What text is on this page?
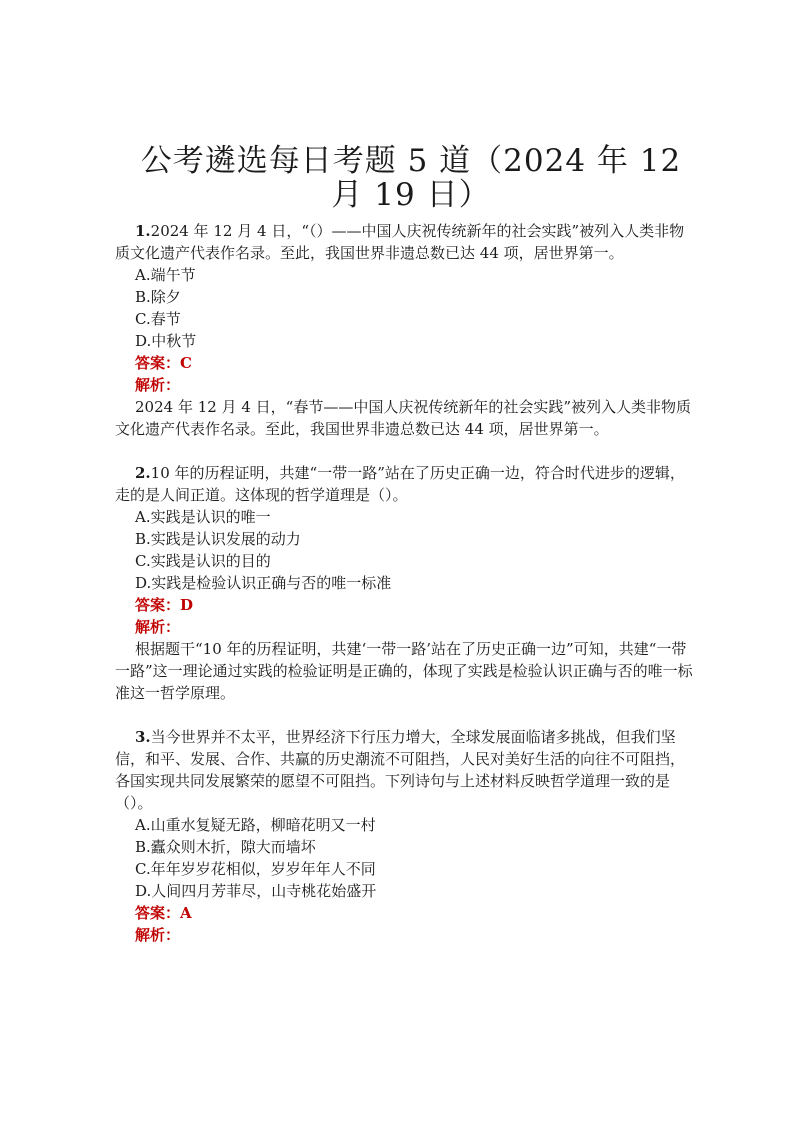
公考遴选每日考题 5 道（2024 年 12 月 19 日）

1.2024 年 12 月 4 日，“（）——中国人庆祝传统新年的社会实践”被列入人类非物质文化遗产代表作名录。至此，我国世界非遗总数已达 44 项，居世界第一。

A.端午节

B.除夕

C.春节

D.中秋节

答案：C

解析：

2024 年 12 月 4 日，“春节——中国人庆祝传统新年的社会实践”被列入人类非物质文化遗产代表作名录。至此，我国世界非遗总数已达 44 项，居世界第一。

2.10 年的历程证明，共建“一带一路”站在了历史正确一边，符合时代进步的逻辑，走的是人间正道。这体现的哲学道理是（）。

A.实践是认识的唯一

B.实践是认识发展的动力

C.实践是认识的目的

D.实践是检验认识正确与否的唯一标准

答案：D

解析：

根据题干“10 年的历程证明，共建‘一带一路’站在了历史正确一边”可知，共建“一带一路”这一理论通过实践的检验证明是正确的，体现了实践是检验认识正确与否的唯一标准这一哲学原理。

3.当今世界并不太平，世界经济下行压力增大，全球发展面临诸多挑战，但我们坚信，和平、发展、合作、共赢的历史潮流不可阻挡，人民对美好生活的向往不可阻挡，各国实现共同发展繁荣的愿望不可阻挡。下列诗句与上述材料反映哲学道理一致的是（）。

A.山重水复疑无路，柳暗花明又一村

B.蠹众则木折，隙大而墙坏

C.年年岁岁花相似，岁岁年年人不同

D.人间四月芳菲尽，山寺桃花始盛开

答案：A

解析：
